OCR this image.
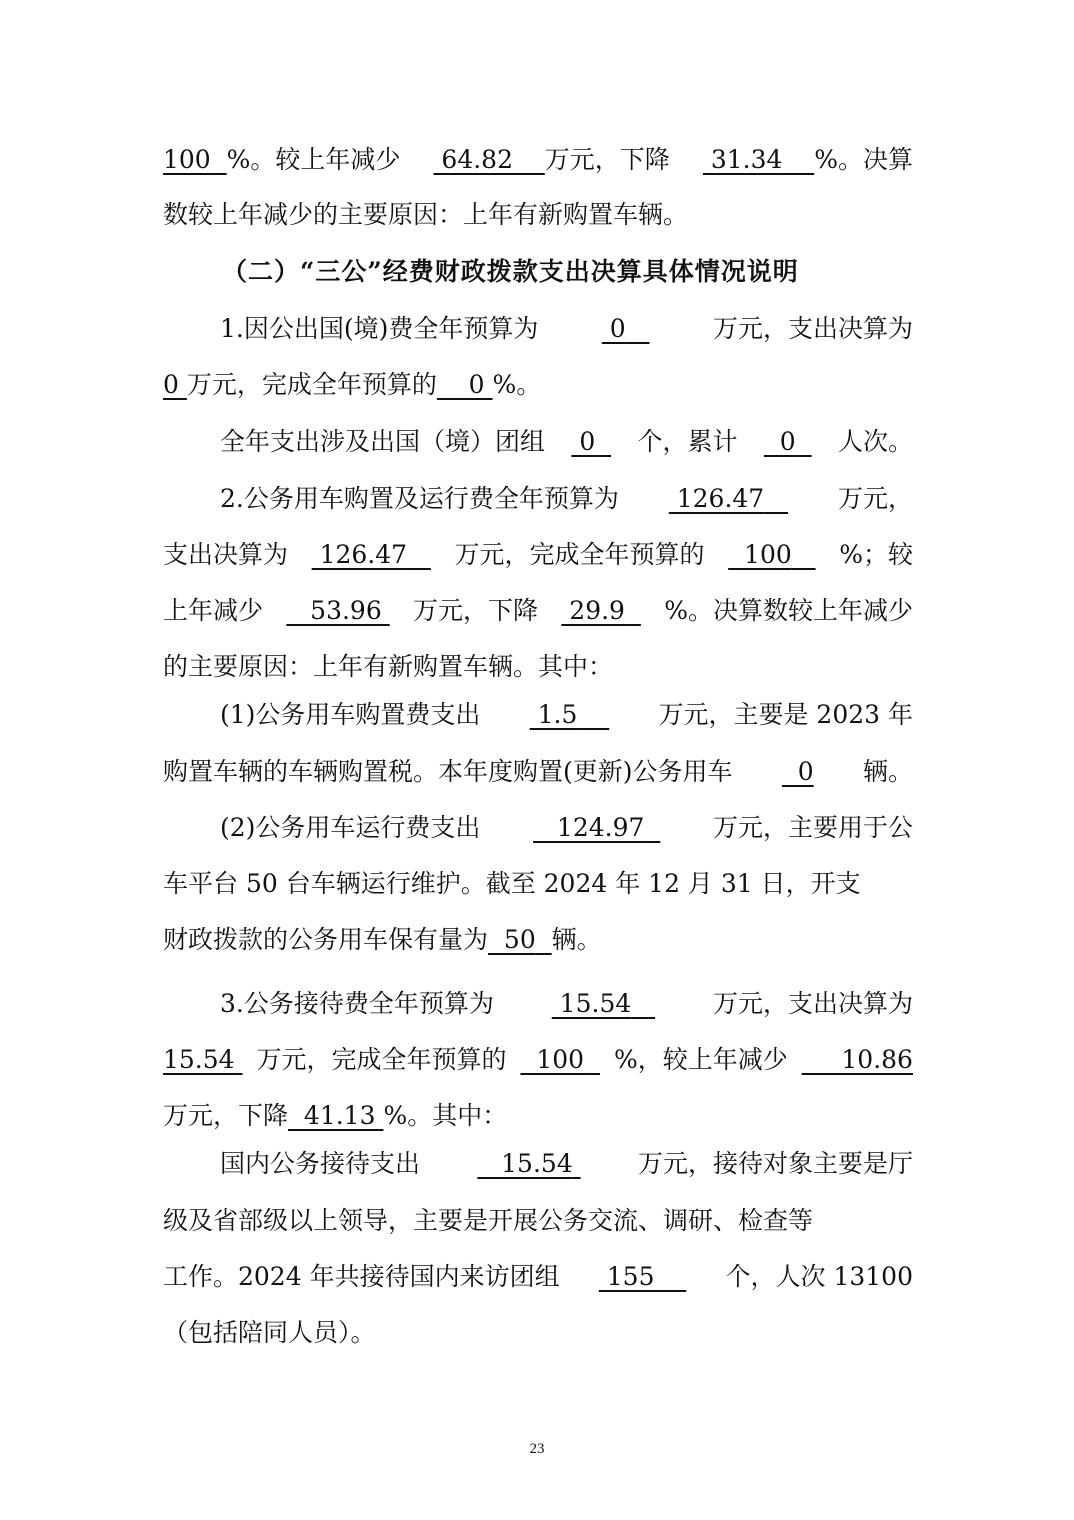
100 %。较上年减少 64.82 万元，下降 31.34 %。决算
数较上年减少的主要原因：上年有新购置车辆。
（二）“三公”经费财政拨款支出决算具体情况说明
1.因公出国(境)费全年预算为	0	万元，支出决算为
0 万元，完成全年预算的    0 %。
全年支出涉及出国（境）团组 0	个，累计 0	人次。
2.公务用车购置及运行费全年预算为 126.47	万元，
支出决算为 126.47	万元，完成全年预算的 100	%；较
上年减少 53.96	万元，下降 29.9	%。决算数较上年减少
的主要原因：上年有新购置车辆。其中：
(1)公务用车购置费支出 1.5	万元，主要是 2023 年
购置车辆的车辆购置税。本年度购置(更新)公务用车 0 辆。
(2)公务用车运行费支出 124.97	万元，主要用于公
车平台 50 台车辆运行维护。截至 2024 年 12 月 31 日，开支
财政拨款的公务用车保有量为  50 辆。
3.公务接待费全年预算为 15.54	万元，支出决算为
15.54 万元，完成全年预算的 100	%，较上年减少 10.86
万元，下降  41.13 %。其中：
国内公务接待支出 15.54	万元，接待对象主要是厅
级及省部级以上领导，主要是开展公务交流、调研、检查等
工作。2024 年共接待国内来访团组 155	个，人次 13100
（包括陪同人员）。
23
